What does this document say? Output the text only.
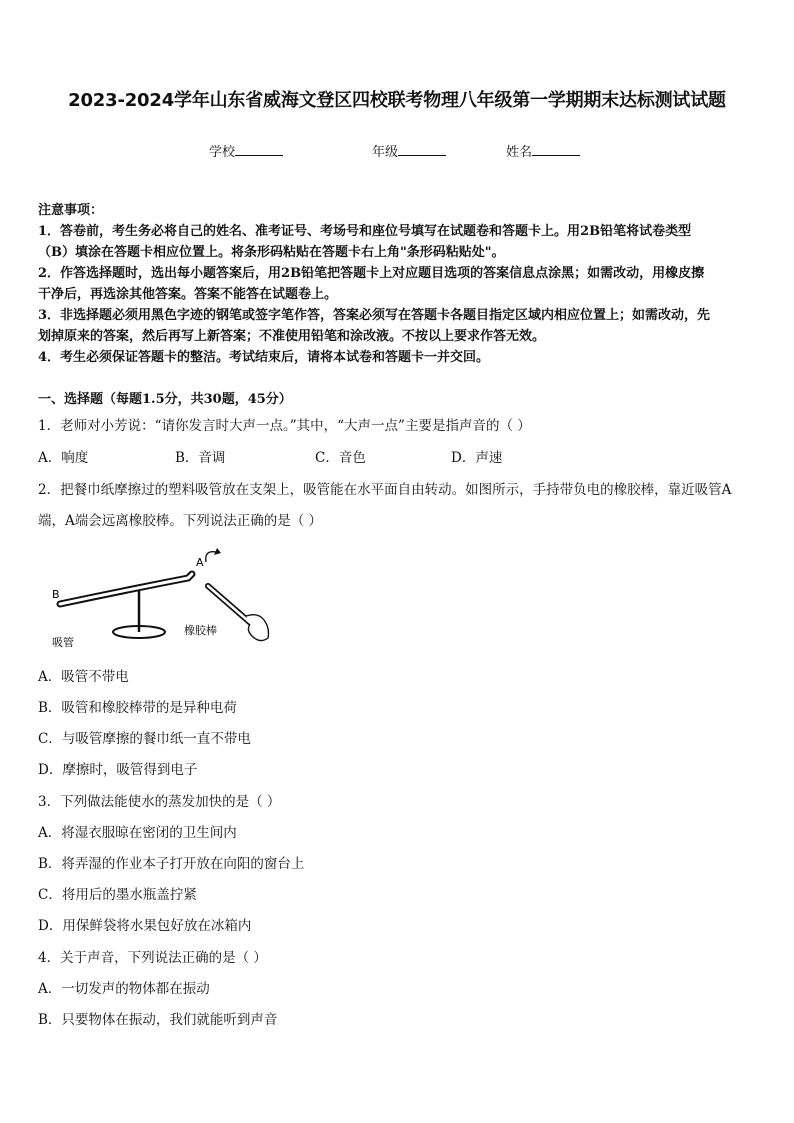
2023-2024学年山东省威海文登区四校联考物理八年级第一学期期末达标测试试题
学校	年级	姓名

注意事项：

1．答卷前，考生务必将自己的姓名、准考证号、考场号和座位号填写在试题卷和答题卡上。用2B铅笔将试卷类型

（B）填涂在答题卡相应位置上。将条形码粘贴在答题卡右上角"条形码粘贴处"。

2．作答选择题时，选出每小题答案后，用2B铅笔把答题卡上对应题目选项的答案信息点涂黑；如需改动，用橡皮擦

干净后，再选涂其他答案。答案不能答在试题卷上。

3．非选择题必须用黑色字迹的钢笔或签字笔作答，答案必须写在答题卡各题目指定区域内相应位置上；如需改动，先

划掉原来的答案，然后再写上新答案；不准使用铅笔和涂改液。不按以上要求作答无效。

4．考生必须保证答题卡的整洁。考试结束后，请将本试卷和答题卡一并交回。

一、选择题（每题1.5分，共30题，45分）
1．老师对小芳说：“请你发言时大声一点。”其中，“大声一点”主要是指声音的（ ）
A．响度	B．音调	C．音色	D．声速
2．把餐巾纸摩擦过的塑料吸管放在支架上，吸管能在水平面自由转动。如图所示，手持带负电的橡胶棒，靠近吸管A
端，A端会远离橡胶棒。下列说法正确的是（ ）
A
B
吸管
橡胶棒
A．吸管不带电
B．吸管和橡胶棒带的是异种电荷
C．与吸管摩擦的餐巾纸一直不带电
D．摩擦时，吸管得到电子
3．下列做法能使水的蒸发加快的是（ ）
A．将湿衣服晾在密闭的卫生间内
B．将弄湿的作业本子打开放在向阳的窗台上
C．将用后的墨水瓶盖拧紧
D．用保鲜袋将水果包好放在冰箱内
4．关于声音，下列说法正确的是（ ）
A．一切发声的物体都在振动
B．只要物体在振动，我们就能听到声音
